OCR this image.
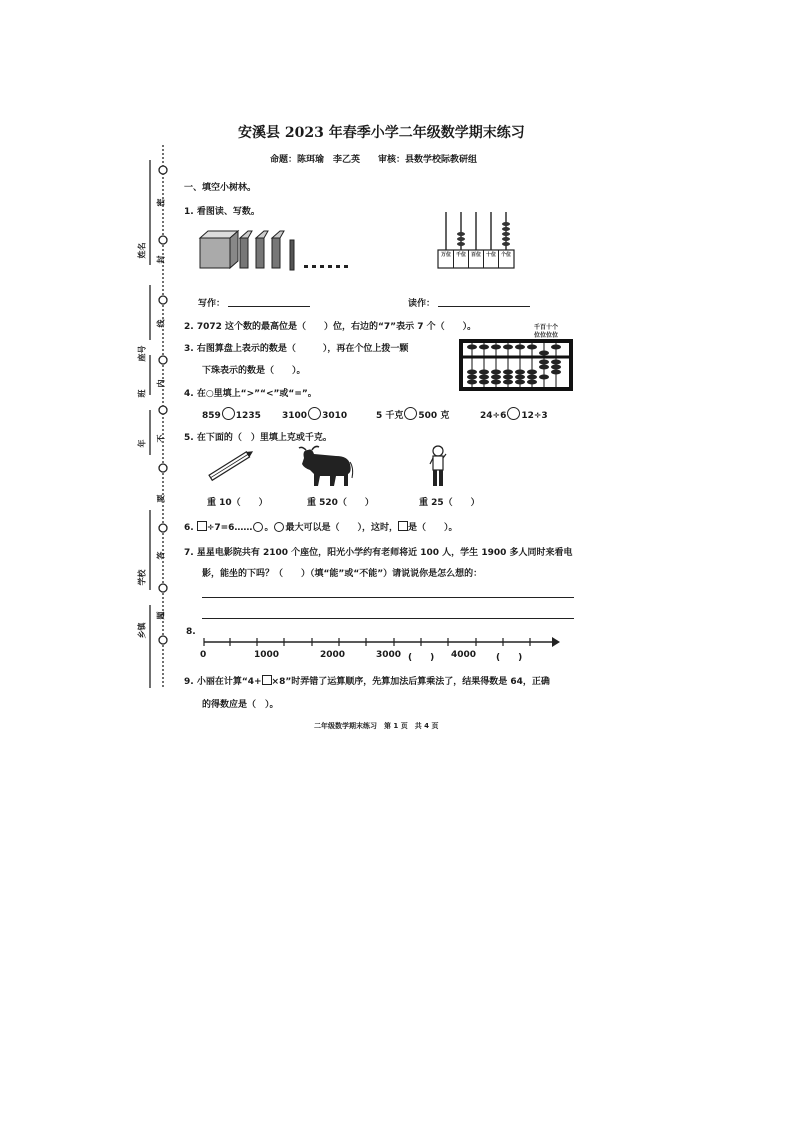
姓名
座号
班
年
学校
乡镇
密
封
线
内
不
要
答
题
安溪县 2023 年春季小学二年级数学期末练习
命题：陈珥瑜　李乙英　　审核：县数学校际教研组
一、填空小树林。
1. 看图读、写数。
万位 千位 百位 十位 个位
写作：	读作：
2. 7072 这个数的最高位是（　　）位，右边的“7”表示 7 个（　　）。
3. 右图算盘上表示的数是（　　　），再在个位上拨一颗
下珠表示的数是（　　）。
千百十个
位位位位
4. 在○里填上“>”“<”或“=”。
859 1235 3100 3010	5 千克 500 克	24÷6 12÷3
5. 在下面的（　）里填上克或千克。
重 10（　　）	重 520（　　）	重 25（　　）
6. ÷7=6…… 。 最大可以是（　　），这时， 是（　　）。
7. 星星电影院共有 2100 个座位，阳光小学约有老师将近 100 人，学生 1900 多人同时来看电
影，能坐的下吗？（　　）（填“能”或“不能”）请说说你是怎么想的：
8.
0	1000	2000	3000 (　　) 4000 (　　)
9. 小丽在计算“4+ ×8”时弄错了运算顺序，先算加法后算乘法了，结果得数是 64，正确
的得数应是（　）。
二年级数学期末练习　第 1 页　共 4 页
